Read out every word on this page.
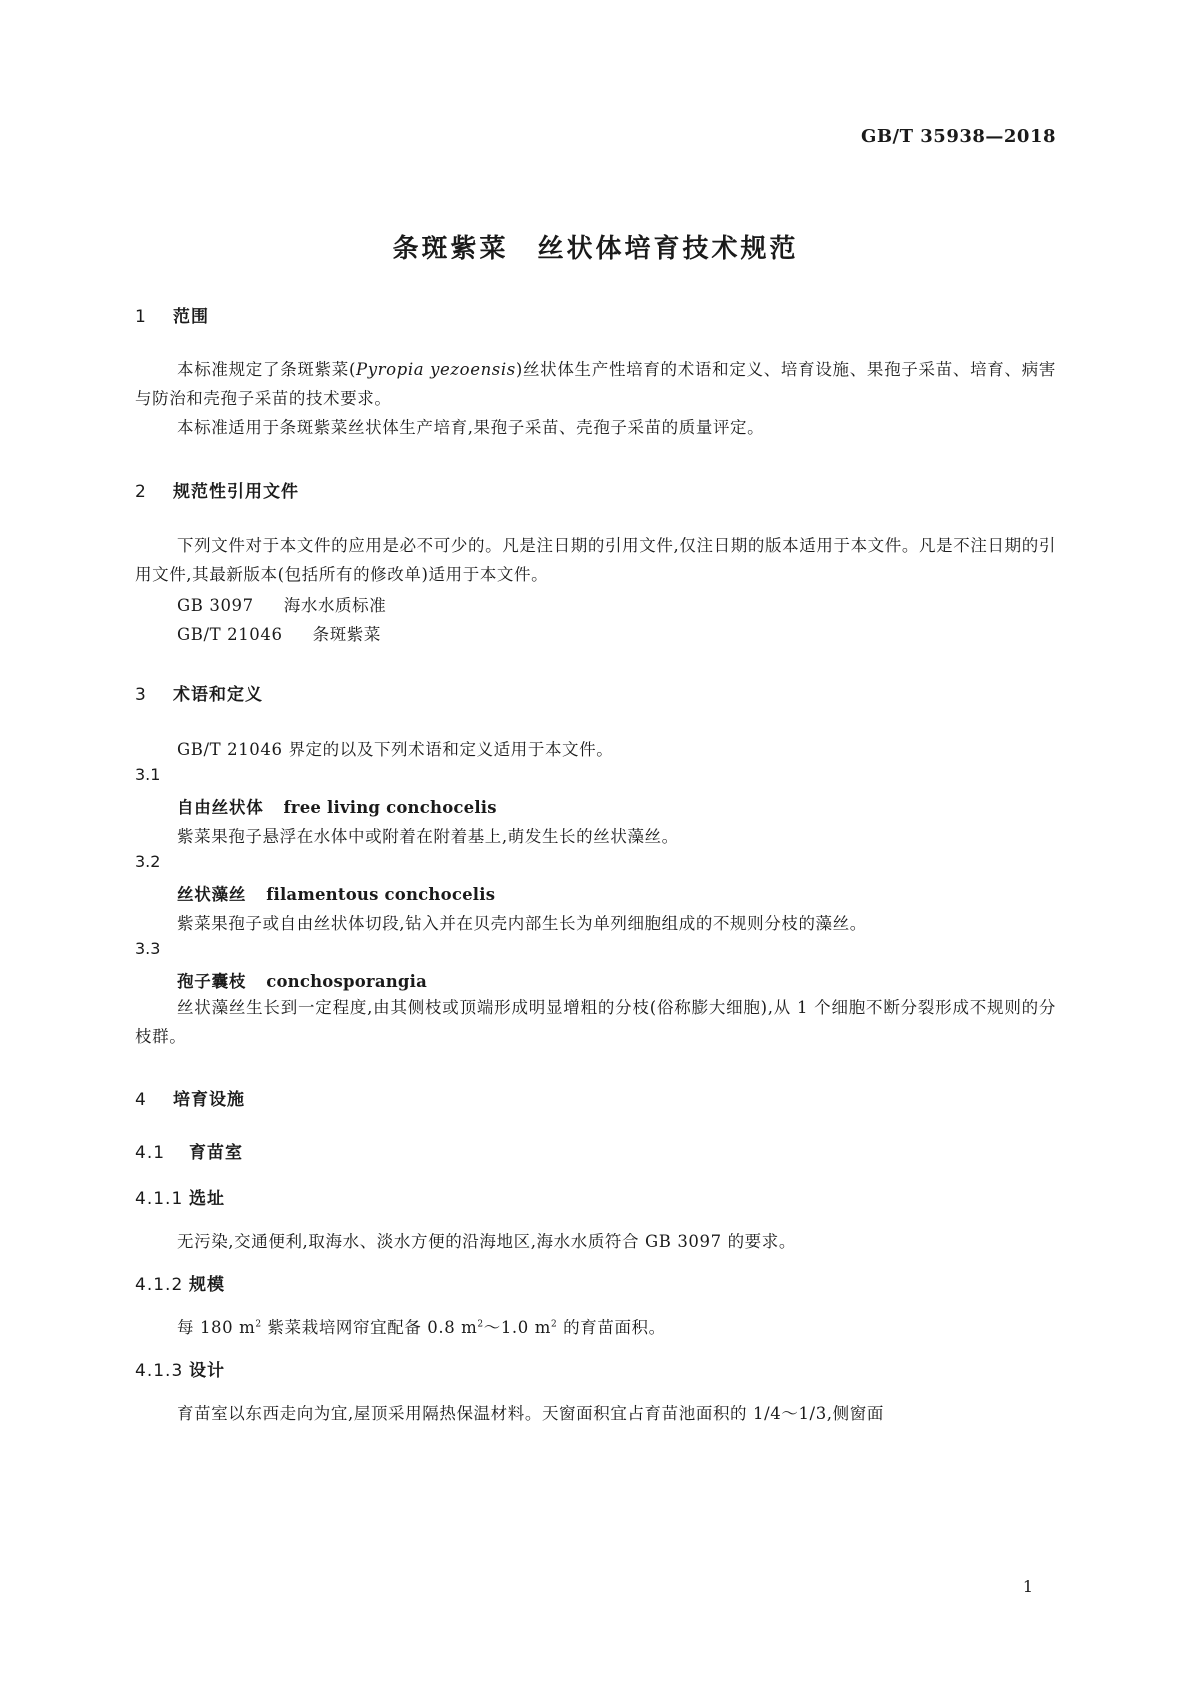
GB/T 35938—2018
条斑紫菜　丝状体培育技术规范
1 范围
本标准规定了条斑紫菜(Pyropia yezoensis)丝状体生产性培育的术语和定义、培育设施、果孢子采苗、培育、病害与防治和壳孢子采苗的技术要求。
本标准适用于条斑紫菜丝状体生产培育,果孢子采苗、壳孢子采苗的质量评定。
2 规范性引用文件
下列文件对于本文件的应用是必不可少的。凡是注日期的引用文件,仅注日期的版本适用于本文件。凡是不注日期的引用文件,其最新版本(包括所有的修改单)适用于本文件。
GB 3097 海水水质标准
GB/T 21046 条斑紫菜
3 术语和定义
GB/T 21046 界定的以及下列术语和定义适用于本文件。
3.1
自由丝状体 free living conchocelis
紫菜果孢子悬浮在水体中或附着在附着基上,萌发生长的丝状藻丝。
3.2
丝状藻丝 filamentous conchocelis
紫菜果孢子或自由丝状体切段,钻入并在贝壳内部生长为单列细胞组成的不规则分枝的藻丝。
3.3
孢子囊枝 conchosporangia
丝状藻丝生长到一定程度,由其侧枝或顶端形成明显增粗的分枝(俗称膨大细胞),从 1 个细胞不断分裂形成不规则的分枝群。
4 培育设施
4.1 育苗室
4.1.1 选址
无污染,交通便利,取海水、淡水方便的沿海地区,海水水质符合 GB 3097 的要求。
4.1.2 规模
每 180 $m^2$ 紫菜栽培网帘宜配备 0.8 $m^2\sim 1.0$ $m^2$ 的育苗面积。
4.1.3 设计
育苗室以东西走向为宜,屋顶采用隔热保温材料。天窗面积宜占育苗池面积的 1/4～1/3,侧窗面
1
